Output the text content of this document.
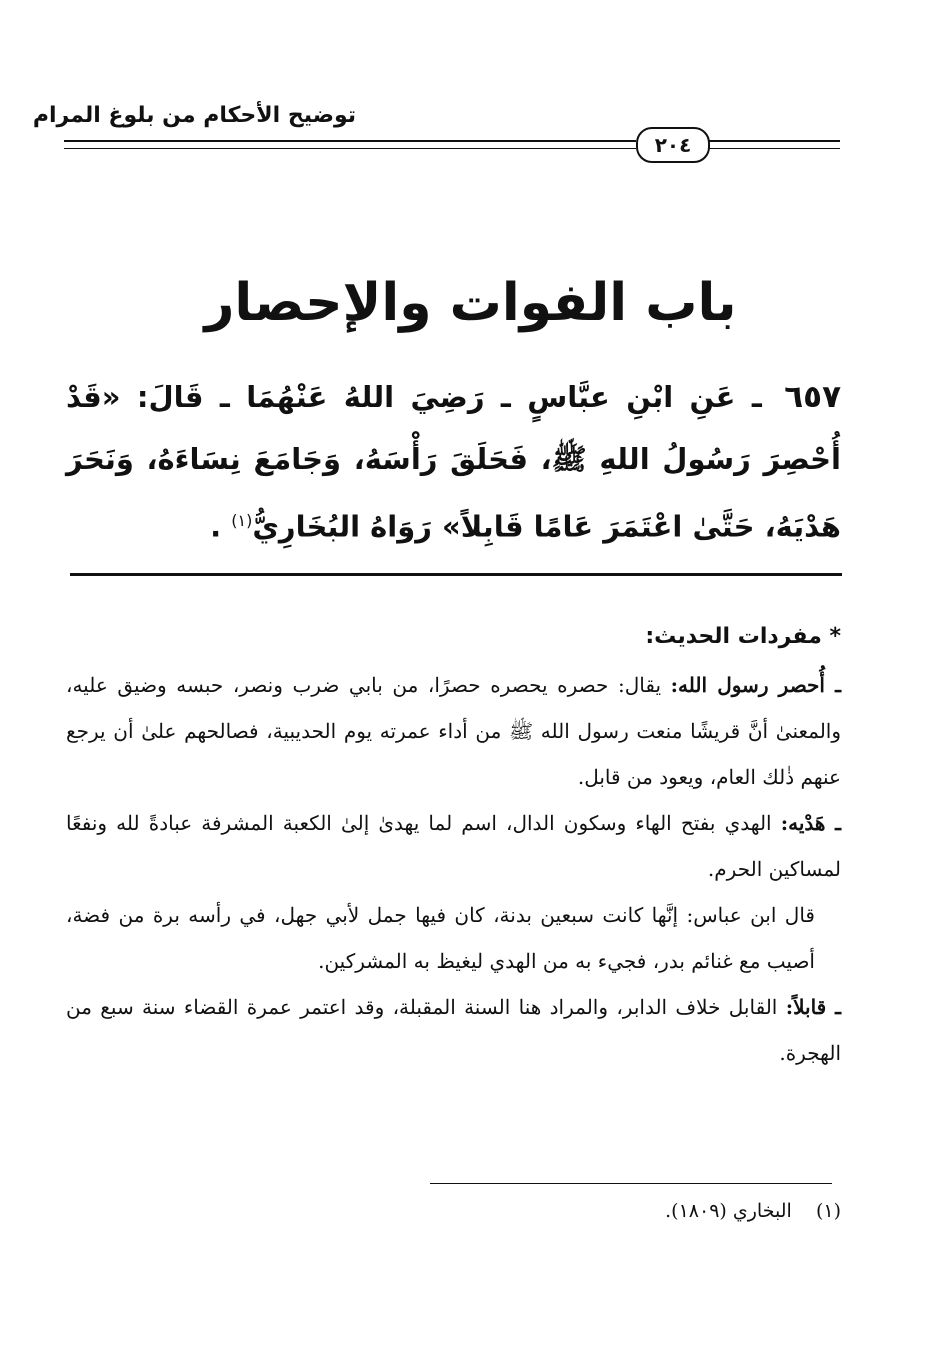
توضيح الأحكام من بلوغ المرام
٢٠٤
باب الفوات والإحصار
٦٥٧ ـ عَنِ ابْنِ عبَّاسٍ ـ رَضِيَ اللهُ عَنْهُمَا ـ قَالَ: «قَدْ أُحْصِرَ رَسُولُ اللهِ ﷺ، فَحَلَقَ رَأْسَهُ، وَجَامَعَ نِسَاءَهُ، وَنَحَرَ هَدْيَهُ، حَتَّىٰ اعْتَمَرَ عَامًا قَابِلاً» رَوَاهُ البُخَارِيُّ$^{(١)}$ .
* مفردات الحديث:

ـ أُحصر رسول الله: يقال: حصره يحصره حصرًا، من بابي ضرب ونصر، حبسه وضيق عليه، والمعنىٰ أنَّ قريشًا منعت رسول الله ﷺ من أداء عمرته يوم الحديبية، فصالحهم علىٰ أن يرجع عنهم ذٰلك العام، ويعود من قابل.

ـ هَدْيه: الهدي بفتح الهاء وسكون الدال، اسم لما يهدىٰ إلىٰ الكعبة المشرفة عبادةً لله ونفعًا لمساكين الحرم.

قال ابن عباس: إنَّها كانت سبعين بدنة، كان فيها جمل لأبي جهل، في رأسه برة من فضة، أصيب مع غنائم بدر، فجيء به من الهدي ليغيظ به المشركين.

ـ قابلاً: القابل خلاف الدابر، والمراد هنا السنة المقبلة، وقد اعتمر عمرة القضاء سنة سبع من الهجرة.

(١)    البخاري (١٨٠٩).
